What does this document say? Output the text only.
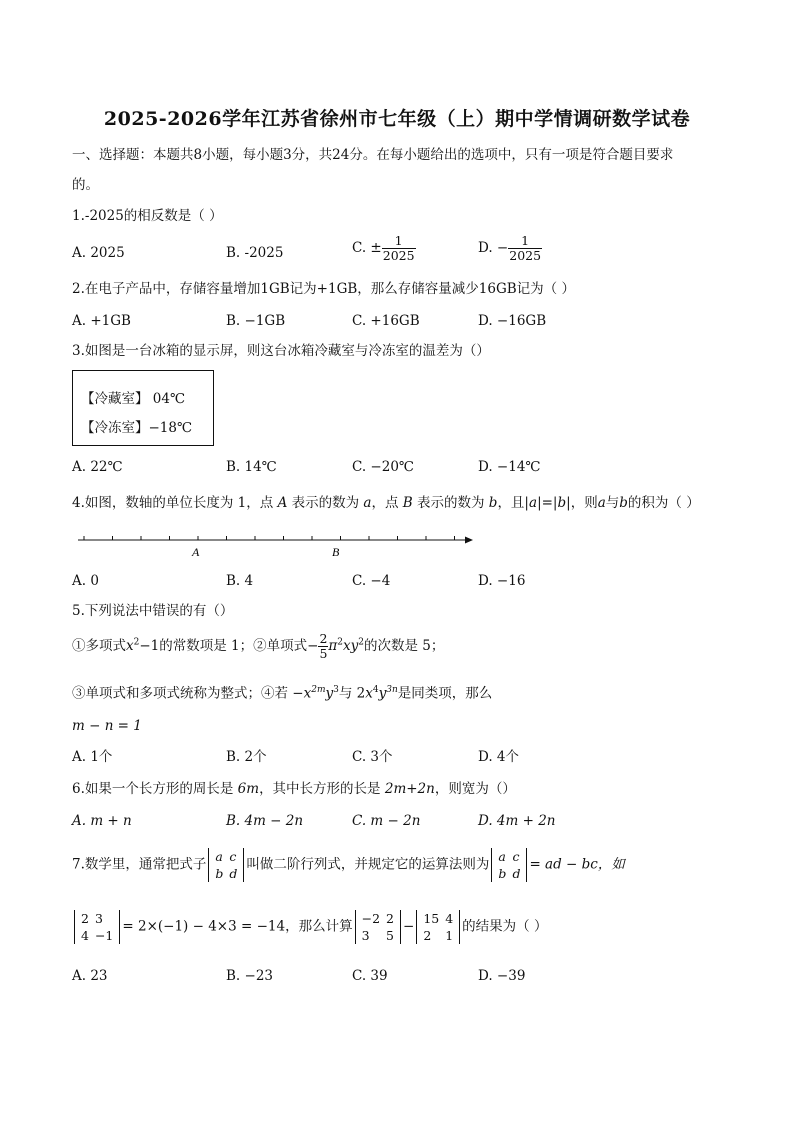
2025-2026学年江苏省徐州市七年级（上）期中学情调研数学试卷
一、选择题：本题共8小题，每小题3分，共24分。在每小题给出的选项中，只有一项是符合题目要求
的。
1.-2025的相反数是（ ）
A. 2025	B. -2025	C. ± $\frac{1}{2025}$	D. − $\frac{1}{2025}$
2.在电子产品中，存储容量增加1GB记为+1GB，那么存储容量减少16GB记为（ ）
A. +1GB	B. −1GB	C. +16GB	D. −16GB
3.如图是一台冰箱的显示屏，则这台冰箱冷藏室与冷冻室的温差为（）
【冷藏室】 04℃
【冷冻室】−18℃
A. 22℃	B. 14℃	C. −20℃	D. −14℃
4.如图，数轴的单位长度为 1，点 A 表示的数为 a，点 B 表示的数为 b，且|a|=|b|，则a与b的积为（ ）
A	B
A. 0	B. 4	C. −4	D. −16
5.下列说法中错误的有（）
①多项式$x^2-1$的常数项是 1；②单项式− $\frac{2}{5} \pi^2xy^2$的次数是 5；
③单项式和多项式统称为整式；④若 $-x^{2m}y^3$与 $2x^4y^{3n}$是同类项，那么
m − n = 1
A. 1个	B. 2个	C. 3个	D. 4个
6.如果一个长方形的周长是 6m，其中长方形的长是 2m+2n，则宽为（）
A. m + n	B. 4m − 2n	C. m − 2n	D. 4m + 2n
7.数学里，通常把式子 a	c
b	d
叫做二阶行列式，并规定它的运算法则为 a	c
b	d
= ad − bc，如
2	3
4	−1
= 2×(−1) − 4×3 = −14，那么计算 −2	2
3	5
− 15	4
2	1
的结果为（ ）
A. 23	B. −23	C. 39	D. −39
